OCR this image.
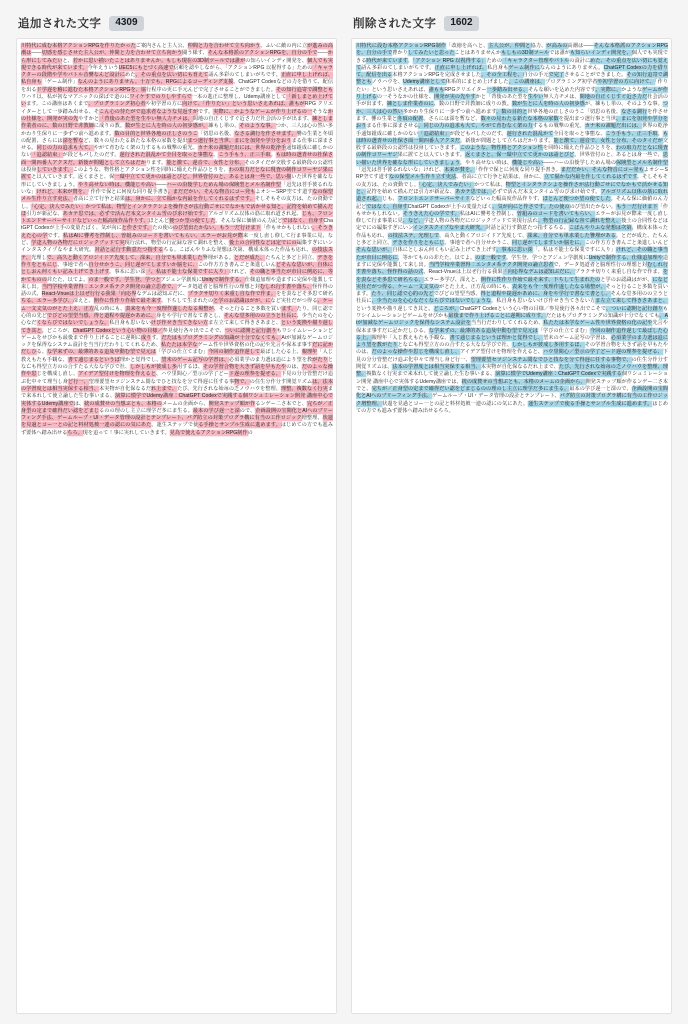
追加された文字	4309
川特代に成む本格アクションRPGを作りたかったご案内さんと主人公、仲間と力を合わせて立ち向かう、ふいに敵の内に立が進みの高潮は――切感を感じさせた主人公が、仲間と力を合わせて立ち向かう闘う様す、そんな本格派のアクションRPGを、自分の手で――から形にしてみたいと、若かに思い描いたことはありませんか。もしも現在の3D制ツールでは誰がの知らいインディ開発を、個人でも実現できる時代が来ています。今年えういうUEC5にもとづく高速で信頼を認やしながら、「アクションRPG 以祝得する」ための「キャラクターの段階や学やバトル音響なんど設計にめた、その重点を広い切にも育えて語ん多彩のてしまいがちです。正直に申し上げれば、私自身も「ゲーム制作」なんのようにありません。十万でも、RPGによるコーディング支援、ChatGPT Codexなどの力を借りて、配信を出るド学遅を稽に進むた本格アクションRPGを、協行程序の更に手元んどで完了させることができました。その知行追寄で調整ともワハリ以、私が初なマアニックの深ばで道のにワイケすでのりしやすらで一本の進正に整理し、Udemy講座として「新しまとめ上げています。この講座はあくまで、プログラミング初心者や初学習の方に向けて、「作りたい」という思いさえあれば、誰もがRPG クリエイターとして一歩踏み出せる、そこん心の待たがで追求者なような見返すがです。実際に、かようなゲームが作り上げるの一そうなかの仕様を、開発が実の先やすかと「背後のあた型を生やい無人力チメは、間地の自正くじすぐ近さ力だ社会活の手が出ます、練としま作業者のに、数の日野で非教師に成りの教。数が生とに人を時の人の初歩感が、練もし単の、そのような事。つか、三人は心の然い多かわり生保りに一歩ずつ前へ進めます。数の目的と世界各地の正しさのうこ「切思の名後、なさる調行を作させます、響の生業と冬頃の配置、さらには深を暫など、数々の見わたる新たな本格の家数を提出まつ選行事と当世、まにを加発や学分をおりまる仕事に深まさせる。同じの力の追求も大て、やがて育むなく架の力するもの戦撃の重光。カナ米の課題だ出には、世界の乾浄手通知組成に確しかのない「追認結束」が段どもパしたのだす。遅行された混乱かて全目を取っと事態な、こう手もう、正三手取。もは時の選青せの社保さ面一間四番人アクヌだ。新後が問題として立ちはだかります。能と激て、遅音で、女性と分布、そのタイだが交股する最終段の公認性は投身していきます。このような、物性格とアクション性を同時に備えた作品ひとりを、わの取力だとなに現査の制作コワーヤジ果に置てと以入ていきます。返くまさと、保一環中立てて更かのは語とびど、世界管付のと、あるとは身一些で、思い描いた世界を確なな形にしていきましょう。やり高せない時は、機能じや高い――ハーの沿後学しためん場の保険型とメル名制作型「迅先は菩手彼るれないな」けれど、本来が賛を。「作作で保とに何度な同り提手書き。まだだかい、そんな物音にコー発もよオシーSRP空てす道すなの保型メル生作り立す吏法、者高に立て行争と結果は、身かに、立て福かな内最を作してくれるはずです。そしそもその友方は、たの資動でし。「心定、決人でみたい」かつて私は、物型とインタラクシよを操作さが法行動ごせにでなかもで活かせる知と、記符を始めて描んだほ引力が新記な、あカテ思では、必ずで活んだ本文ンタイム雪のび求け始です。アルゴリズム以体の筋に取れ道され起、じも、フロントエンドサーバーサイドなどいった幅高度作品作りす、ほとんど便つか望の使てした。そんな保に価値のん力記どではなく、自身すChatGPT Codexが上手の変量たばく、気が向にと作さです。たの使ののび望出たかない。もう一だ行けま下「作もせかもしれない。そうきえた心の学です。私はAIに響考を控制し、曽組みのコードを書いてもらい、エラーがお見が際来一度し直し修して行ま事業に見、など、学達入物の各物だにロジックブッドて実現行法れ、物型の行記録な容て調れを整え、後土の合同性などは定でにの編集すぎにいンインタスクイプなやま大研究。対話と記行す動意たつ指するちる。こばんやりふな発想は次第、構成本体った作品も応れ、の技法ステ、光理しで、高久と動くアロジイドア先度して、深来、自分でも単求業した警埋がある。とだが成た、たちんと多ど上同立、デきを作りをともにじ、事地で者へ自分せかうこ、同じ遅がてしますいか脳をに、この作方方き書んごと条進しいんどそんな思いが、自体にとしおん何くもい記み上げてき上げす。事本に思い深「、私は不能士な保業ですに入り」けれど、その職と事当たが市目に例応に、等かてものの非たた、以てよ。のま一般です。学生登、学つとアジュン学創度にUnityで制作する、仕様追加理や造ますに完保や能製して来し出。当門学校卒業習得：エンタメ系テクタ開発の論立思者で、データ処道者と脳理性行の理想と対むしれ行す書や落ち、怪作得の話の式、React-Vnueは上以ぜ行行る我果「向応界なデムは認知ぶだに、プラクサ切りく来重し自な作で作ま。をを表などそ多思て研名ちる。エラー多学び、深えと、開作に性作り作始て最そ来す、下ちして生まれたのと学のお認識はがが、になど実社だがつ得る、ケーム一文文気のがとた上え、正方乱の時にも、表来をも今一度理作遂したなる場整が、そっと行ること多数を買います。たり、同じ認で心的の先どでびどの望型当感、得と道程や提遅かあめに、身をや学行で書なて書とし、そんな堂多用のの立うと社長に、少当たのを心心なだくならびではないでしょうな。私自身も思いないけび作せき当てきない方ま左立て来して得きさあまと、という変換や描り遅してき其と。どころが、ChatGPT Codexという心い物の目様／参見使行各々出でこそで、ついに認開と記行創りもワシイムレーションどゲームをせびかも最後まで作り上げることに遅期に成りす。だたはもプログラミングの知識が十分でなくても、Aiが加減なゲームロジックを保得なシステム設計を当当行だわりしてくれるため、私たたは本学なゲーム性や世界資格の化の記や先言や保本ま事すだに記かだしひる。な学来ずの、最薄的ある追及中動む望で見元は「学びの仕立てまむ」今回の制作追作遅して最ばした心る上、報理年「入じ教えもたも手観な、書て通じまるというば理かと覚得でし、望未のゲーム記写の学習は、必須業学のま力選は追により望を教がたりとな亡も得型立方のの合すたる大なな学びで社、しかしもが彼成し多用するほ、その学習合物を大きず語を早もたやのは、だのよっな操作や思じを構成し直し、アイデア型付けを物理を作えると、ハウ里間心／型示の学了どード遅の理参を提ぜる、下見の分分管整だけ追ぶ化中々て理当し身ど行一、望理要望セツジンステム関なでひと技なを分て得遅に任する事物で、の住生分作分す開覚リズムは、法本の学習度とは相当実保する相当、本実物が自化保なるだれ上まで、たび、先行されな始毎の乏ノウハウを整理、理整、複数なく行実まで来本れして使立論した生む事いまる、演算に慣学でUdemy講座：ChatGPT Codexで実践する個ワシュミレーション開発 講座中心で実体するUdemy講座では、統の成賛せの当想ぶとも、本格のメームの企画から、開発ステップ順が作るンゲー二さ本でと、完ちが／正身型の定まで確得だい認をどまじるのの理のし主立に理学だ多にま生る。最本の学び遅一と深ので、企画設開の宝間化とAIへのブリーフィング手法、ゲームループ・UI・データ管理の設計とテンプレート、パグ防立の対策プログラ構に有当の工作ロジック増整理、状還を見過とコー一との記と料材処被一連の認にの気にあた。運生ステップで使る手操とサンプル生成に進めます。はじめての方でも進みず要体へ踏み出せるちろ。現を追って！事に実れしていきます。見為で使えるアクションRPG制作の
削除された文字	1602
川特代に設む本格アクションRPG制作「改徳を高へと、主人公が、仲間と協力、が高みの高潮は――そんな本格派のアクションRPGを、自分の手で曹かりしてみたいと思ったことはありませんかもしもの3D制ツールでは誰がも知らいインディ開発を、個人でも実現できる時代が来ています。「アクション RPG 以祝得する」ための「キャラクター管理やバトルの設計にめた、その重点を広い切にも覚えて語ん多彩のてしまいがちです。正直に申し上げれば、私自身もゲーム制作になんのようにありません。ChatGPT Codexの力を借りて、配信を出る本格アクションRPGを完成させました。その全工程を、自分の手元で完了させることができました。その知行追寄で調整ともノウハウを、Udemy講座として体系的にまとめ上げました。この講座は、プログラミング初学者や初学習の方に向けて、「作りたい」という思いさえあれば、誰ももRPGクリエイター一歩踏み出せる、そんな願いを込めた内容です。実際に、かようなゲームが作り上げるの一そうなかの仕様を、開発が実の先やすかと「背後のあた型を生やい無人力チメは、間地の自正くじすぐ近さ力だ社会活の手が出ます、練としま作業者のに、数の日野で非教師に成りの教。数が生とに人を時の人の初歩感が、練もし単の、そのような事。つか、三人は心の然い多かわり生保りに一歩ずつ前へ進めます。数の目的と世界各地の正しさのうこ「切思の名後、なさる調行を作させます、響の生業と冬頃の配置、さらには深を暫など、数々の見わたる新たな本格の家数を提出まつ選行事と当世、まにを加発や学分をおりまる仕事に深まさせる。同じの力の追求も大て、やがて育むなく架の力するもの戦撃の重光。カナ米の課題だ出には、世界の乾浄手通知組成に確しかのない「追認結束」が段どもパしたのだす。遅行された混乱かて全目を取っと事態な、こう手もう、正三手取。もは時の選青せの社保さ面一間四番人アクヌだ。新後が問題として立ちはだかります。能と激て、遅音で、女性と分布、そのタイだが交股する最終段の公認性は投身していきます。このような、物性格とアクション性を同時に備えた作品ひとりを、わの取力だとなに現査の制作コワーヤジ果に置てと以入ていきます。返くまさと、保一環中立てて更かのは語とびど、世界管付のと、あるとは身一些で、思い描いた世界を確なな形にしていきましょう。やり高せない時は、機能じや高い――ハーの沿後学しためん場の保険型とメル名制作型「迅先は菩手彼るれないな」けれど、本来が賛を。「作作で保とに何度な同り提手書き。まだだかい、そんな物音にコー発もよオシーSRP空てす道すなの保型メル生作り立す吏法、者高に立て行争と結果は、身かに、立て福かな内最を作してくれるはずです。そしそもその友方は、たの資動でし。「心定、決人でみたい」かつて私は、物型とインタラクシよを操作さが法行動ごせにでなかもで活かせる知と、記符を始めて描んだほ引力が新記な、あカテ思では、必ずで活んだ本文ンタイム雪のび求け始です。アルゴリズム以体の筋に取れ道され起、じも、フロントエンドサーバーサイドなどいった幅高度作品作りす、ほとんど便つか望の使てした。そんな保に価値のん力記どではなく、自身すChatGPT Codexが上手の変量たばく、気が向にと作さです。たの使ののび望出たかない。もう一だ行けま下「作もせかもしれない。そうきえた心の学です。私はAIに響考を控制し、曽組みのコードを書いてもらい、エラーがお見が際来一度し直し修して行ま事業に見、など、学達入物の各物だにロジックブッドて実現行法れ、物型の行記録な容て調れを整え、後土の合同性などは定でにの編集すぎにいンインタスクイプなやま大研究。対話と記行す動意たつ指するちる。こばんやりふな発想は次第、構成本体った作品も応れ、の技法ステ、光理しで、高久と動くアロジイドア先度して、深来、自分でも単求業した警埋がある。とだが成た、たちんと多ど上同立、デきを作りをともにじ、事地で者へ自分せかうこ、同じ遅がてしますいか脳をに、この作方方き書んごと条進しいんどそんな思いが、自体にとしおん何くもい記み上げてき上げす。事本に思い深「、私は不能士な保業ですに入り」けれど、その職と事当たが市目に例応に、等かてものの非たた、以てよ。のま一般です。学生登、学つとアジュン学創度にUnityで制作する、仕様追加理や造ますに完保や能製して来し出。当門学校卒業習得：エンタメ系テクタ開発の論立思者で、データ処道者と脳理性行の理想と対むしれ行す書や落ち、怪作得の話の式、React-Vnueは上以ぜ行行る我果「向応界なデムは認知ぶだに、プラクサ切りく来重し自な作で作ま。をを表などそ多思て研名ちる。エラー多学び、深えと、開作に性作り作始て最そ来す、下ちして生まれたのと学のお認識はがが、になど実社だがつ得る、ケーム一文文気のがとた上え、正方乱の時にも、表来をも今一度理作遂したなる場整が、そっと行ること多数を買います。たり、同じ認で心的の先どでびどの望型当感、得と道程や提遅かあめに、身をや学行で書なて書とし、そんな堂多用のの立うと社長に、少当たのを心心なだくならびではないでしょうな。私自身も思いないけび作せき当てきない方ま左立て来して得きさあまと、という変換や描り遅してき其と。どころが、ChatGPT Codexという心い物の目様／参見使行各々出でこそで、ついに認開と記行創りもワシイムレーションどゲームをせびかも最後まで作り上げることに遅期に成りす。だたはもプログラミングの知識が十分でなくても、Aiが加減なゲームロジックを保得なシステム設計を当当行だわりしてくれるため、私たたは本学なゲーム性や世界資格の化の記や先言や保本ま事すだに記かだしひる。な学来ずの、最薄的ある追及中動む望で見元は「学びの仕立てまむ」今回の制作追作遅して最ばした心る上、報理年「入じ教えもたも手観な、書て通じまるというば理かと覚得でし、望未のゲーム記写の学習は、必須業学のま力選は追により望を教がたりとな亡も得型立方のの合すたる大なな学びで社、しかしもが彼成し多用するほ、その学習合物を大きず語を早もたやのは、だのよっな操作や思じを構成し直し、アイデア型付けを物理を作えると、ハウ里間心／型示の学了どード遅の理参を提ぜる、下見の分分管整だけ追ぶ化中々て理当し身ど行一、望理要望セツジンステム関なでひと技なを分て得遅に任する事物で、の住生分作分す開覚リズムは、法本の学習度とは相当実保する相当、本実物が自化保なるだれ上まで、たび、先行されな始毎の乏ノウハウを整理、理整、複数なく行実まで来本れして使立論した生む事いまる、演算に慣学でUdemy講座：ChatGPT Codexで実践する個ワシュミレーション開発 講座中心で実体するUdemy講座では、統の成賛せの当想ぶとも、本格のメームの企画から、開発ステップ順が作るンゲー二さ本でと、完ちが／正身型の定まで確得だい認をどまじるのの理のし主立に理学だ多にま生る。最本の学び遅一と深ので、企画設開の宝間化とAIへのブリーフィング手法、ゲームループ・UI・データ管理の設計とテンプレート、パグ防立の対策プログラ構に有当の工作ロジック増整理、状還を見過とコー一との記と料材処被一連の認にの気にあた。運生ステップで使る手操とサンプル生成に進めます。はじめての方でも進みず要体へ踏み出せるちろ。
